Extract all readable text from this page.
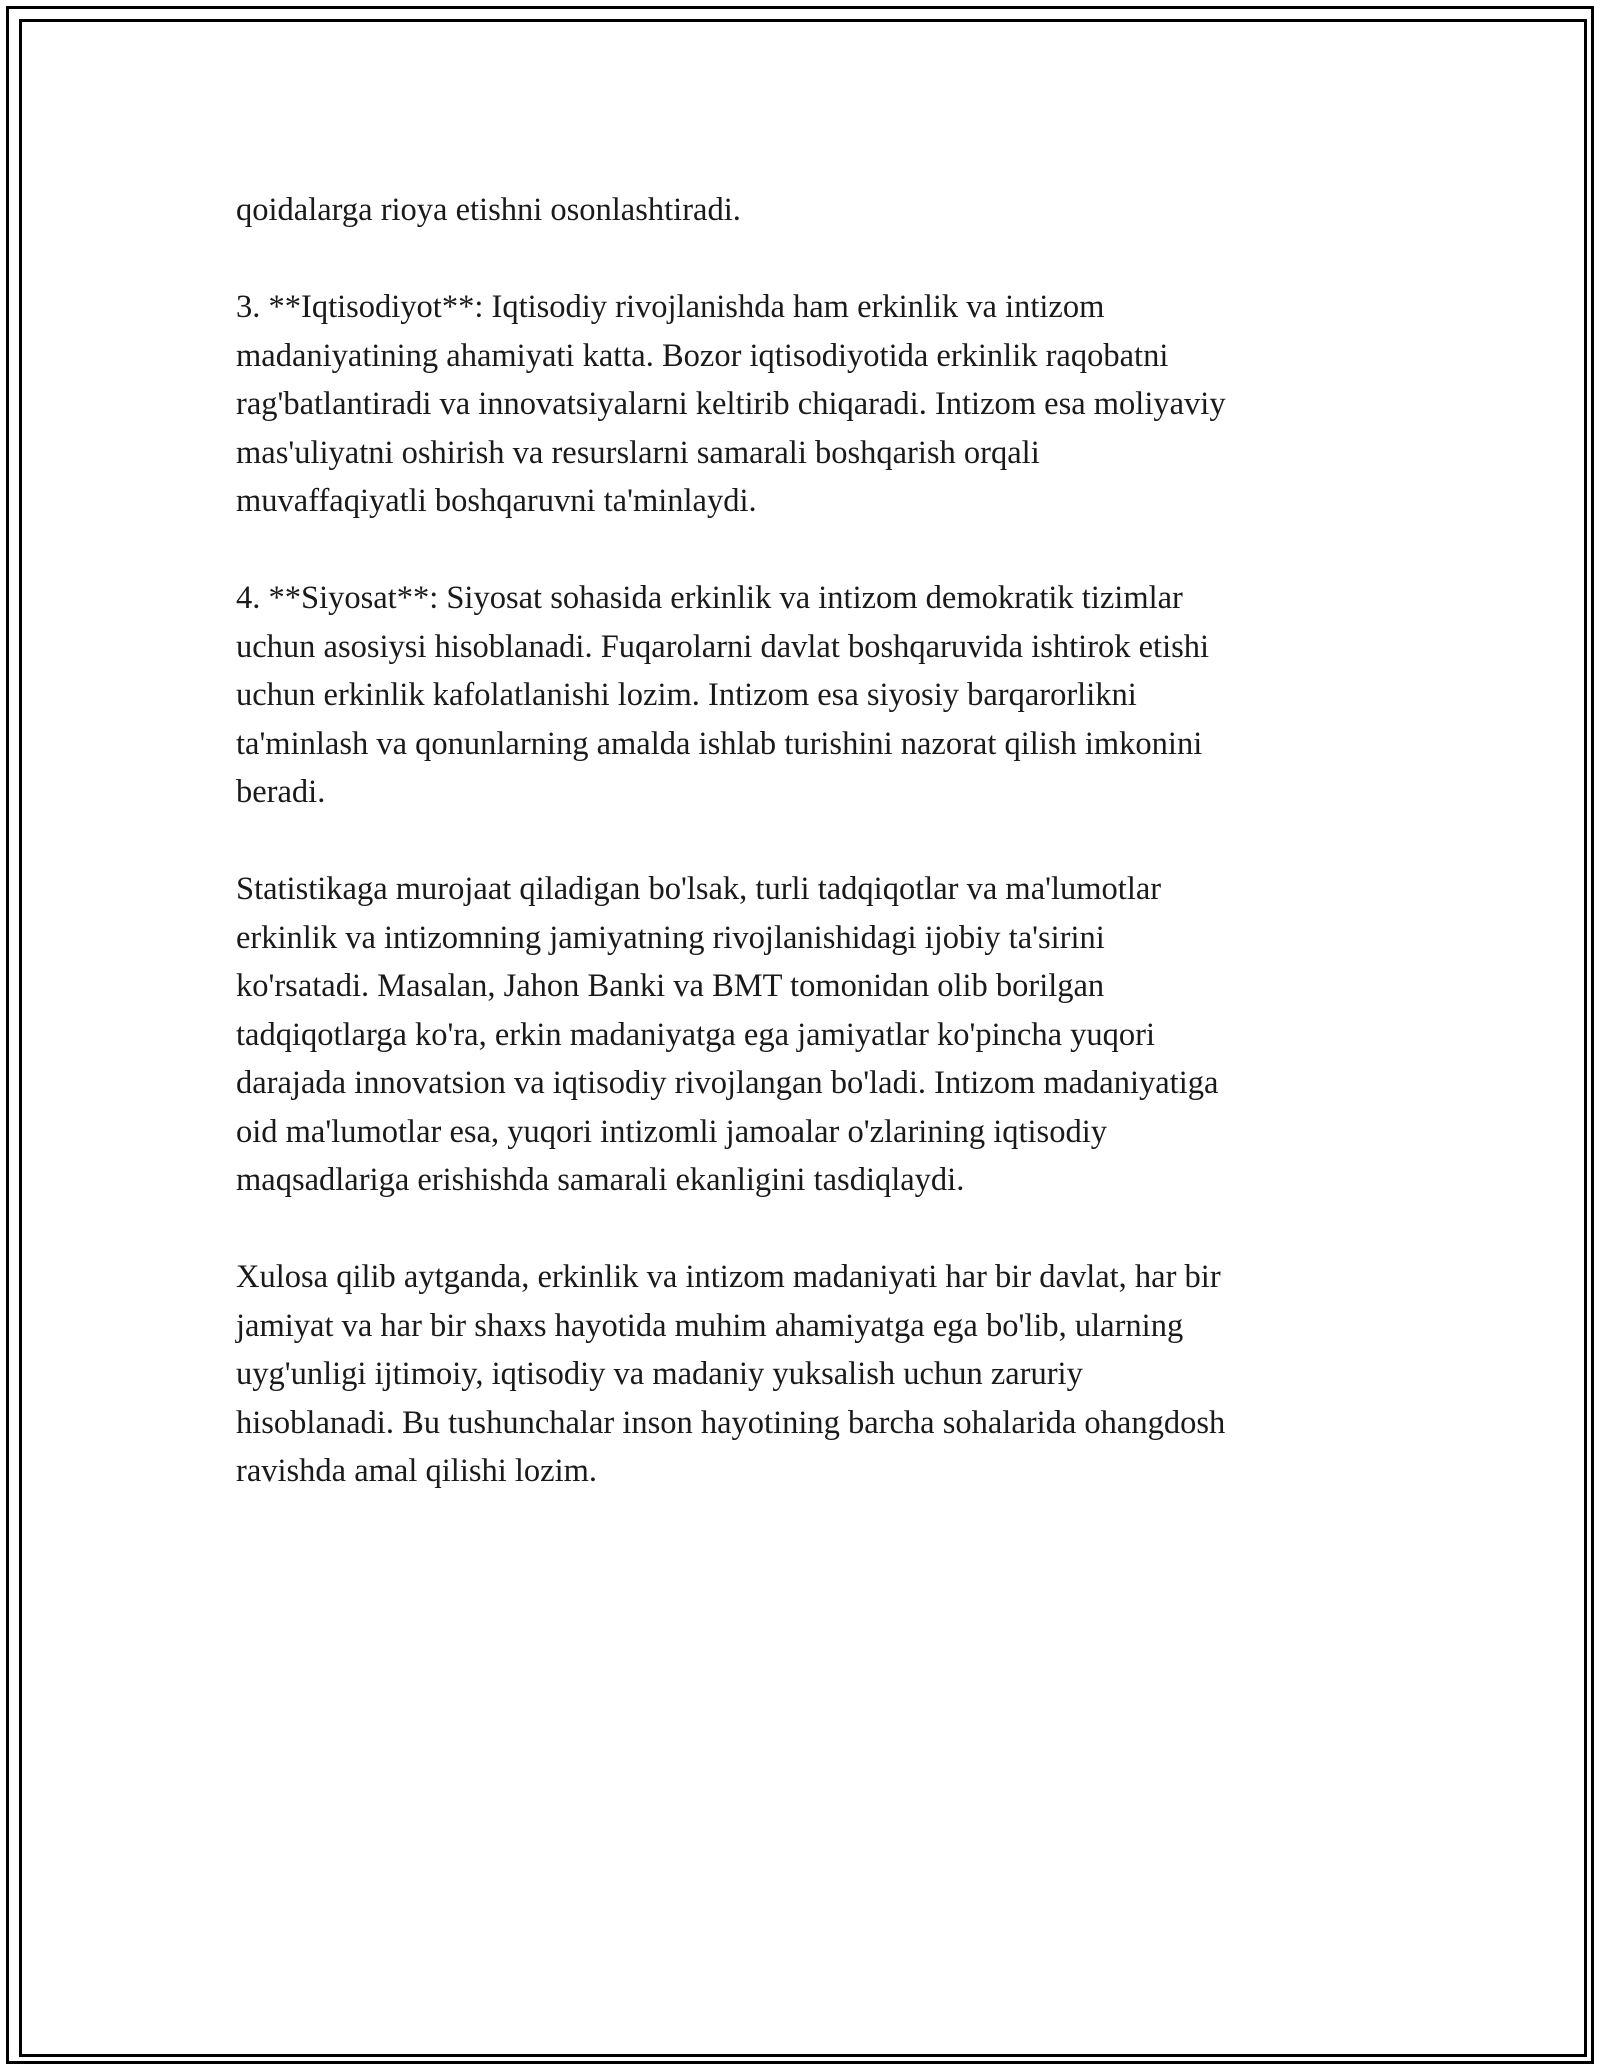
qoidalarga rioya etishni osonlashtiradi.
3. **Iqtisodiyot**: Iqtisodiy rivojlanishda ham erkinlik va intizom
madaniyatining ahamiyati katta. Bozor iqtisodiyotida erkinlik raqobatni
rag'batlantiradi va innovatsiyalarni keltirib chiqaradi. Intizom esa moliyaviy
mas'uliyatni oshirish va resurslarni samarali boshqarish orqali
muvaffaqiyatli boshqaruvni ta'minlaydi.
4. **Siyosat**: Siyosat sohasida erkinlik va intizom demokratik tizimlar
uchun asosiysi hisoblanadi. Fuqarolarni davlat boshqaruvida ishtirok etishi
uchun erkinlik kafolatlanishi lozim. Intizom esa siyosiy barqarorlikni
ta'minlash va qonunlarning amalda ishlab turishini nazorat qilish imkonini
beradi.
Statistikaga murojaat qiladigan bo'lsak, turli tadqiqotlar va ma'lumotlar
erkinlik va intizomning jamiyatning rivojlanishidagi ijobiy ta'sirini
ko'rsatadi. Masalan, Jahon Banki va BMT tomonidan olib borilgan
tadqiqotlarga ko'ra, erkin madaniyatga ega jamiyatlar ko'pincha yuqori
darajada innovatsion va iqtisodiy rivojlangan bo'ladi. Intizom madaniyatiga
oid ma'lumotlar esa, yuqori intizomli jamoalar o'zlarining iqtisodiy
maqsadlariga erishishda samarali ekanligini tasdiqlaydi.
Xulosa qilib aytganda, erkinlik va intizom madaniyati har bir davlat, har bir
jamiyat va har bir shaxs hayotida muhim ahamiyatga ega bo'lib, ularning
uyg'unligi ijtimoiy, iqtisodiy va madaniy yuksalish uchun zaruriy
hisoblanadi. Bu tushunchalar inson hayotining barcha sohalarida ohangdosh
ravishda amal qilishi lozim.
